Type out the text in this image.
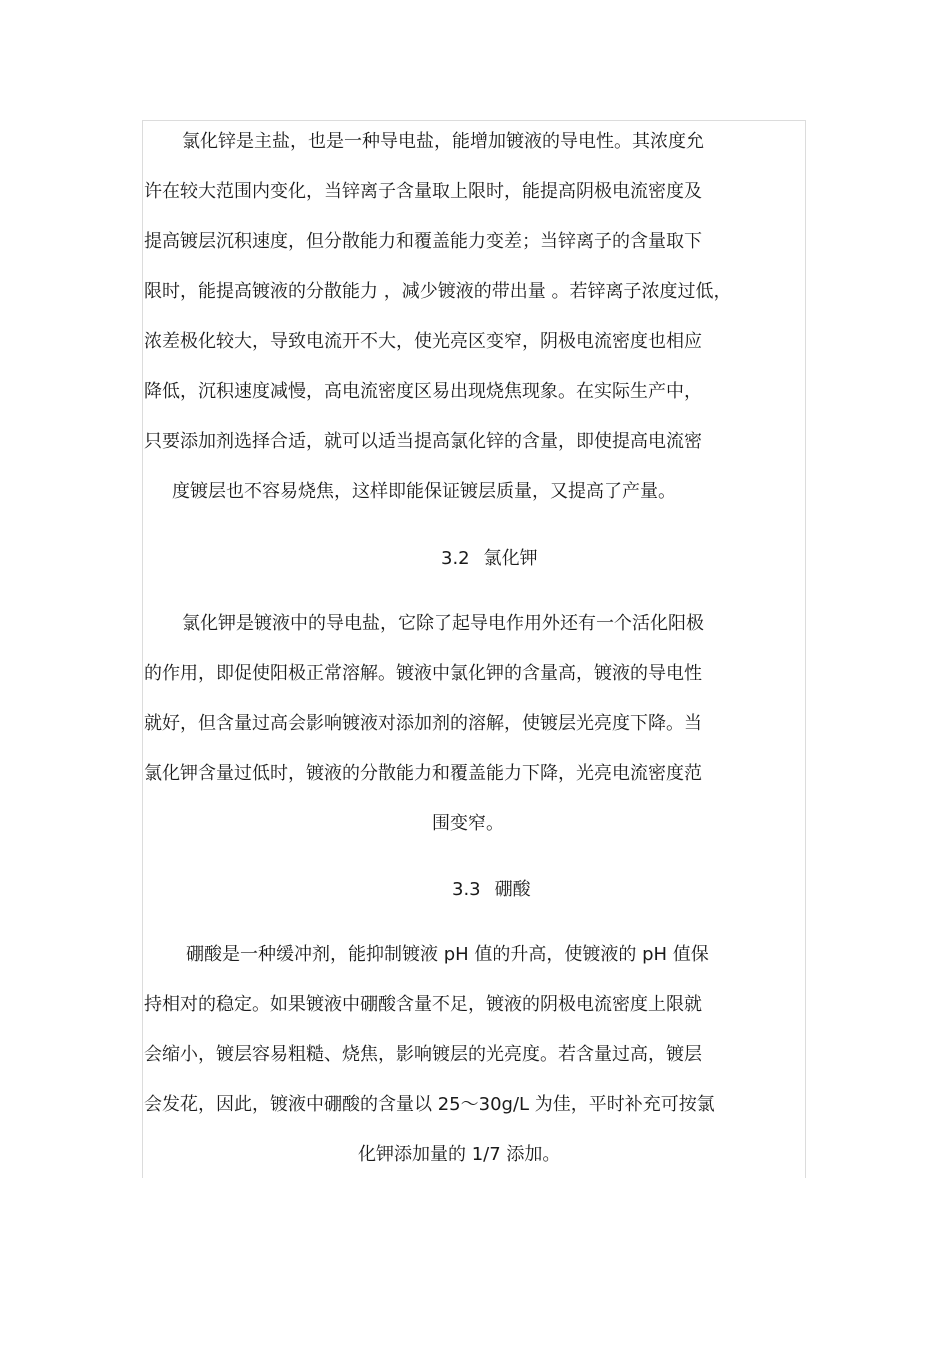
氯化锌是主盐，也是一种导电盐，能增加镀液的导电性。其浓度允
许在较大范围内变化，当锌离子含量取上限时，能提高阴极电流密度及
提高镀层沉积速度，但分散能力和覆盖能力变差；当锌离子的含量取下
限时，能提高镀液的分散能力 ，减少镀液的带出量 。若锌离子浓度过低，
浓差极化较大，导致电流开不大，使光亮区变窄，阴极电流密度也相应
降低，沉积速度减慢，高电流密度区易出现烧焦现象。在实际生产中，
只要添加剂选择合适，就可以适当提高氯化锌的含量，即使提高电流密
度镀层也不容易烧焦，这样即能保证镀层质量，又提高了产量。
3.2 氯化钾
氯化钾是镀液中的导电盐，它除了起导电作用外还有一个活化阳极
的作用，即促使阳极正常溶解。镀液中氯化钾的含量高，镀液的导电性
就好，但含量过高会影响镀液对添加剂的溶解，使镀层光亮度下降。当
氯化钾含量过低时，镀液的分散能力和覆盖能力下降，光亮电流密度范
围变窄。
3.3 硼酸
硼酸是一种缓冲剂，能抑制镀液 pH 值的升高，使镀液的 pH 值保
持相对的稳定。如果镀液中硼酸含量不足，镀液的阴极电流密度上限就
会缩小，镀层容易粗糙、烧焦，影响镀层的光亮度。若含量过高，镀层
会发花，因此，镀液中硼酸的含量以 25～30g/L 为佳，平时补充可按氯
化钾添加量的 1/7 添加。
